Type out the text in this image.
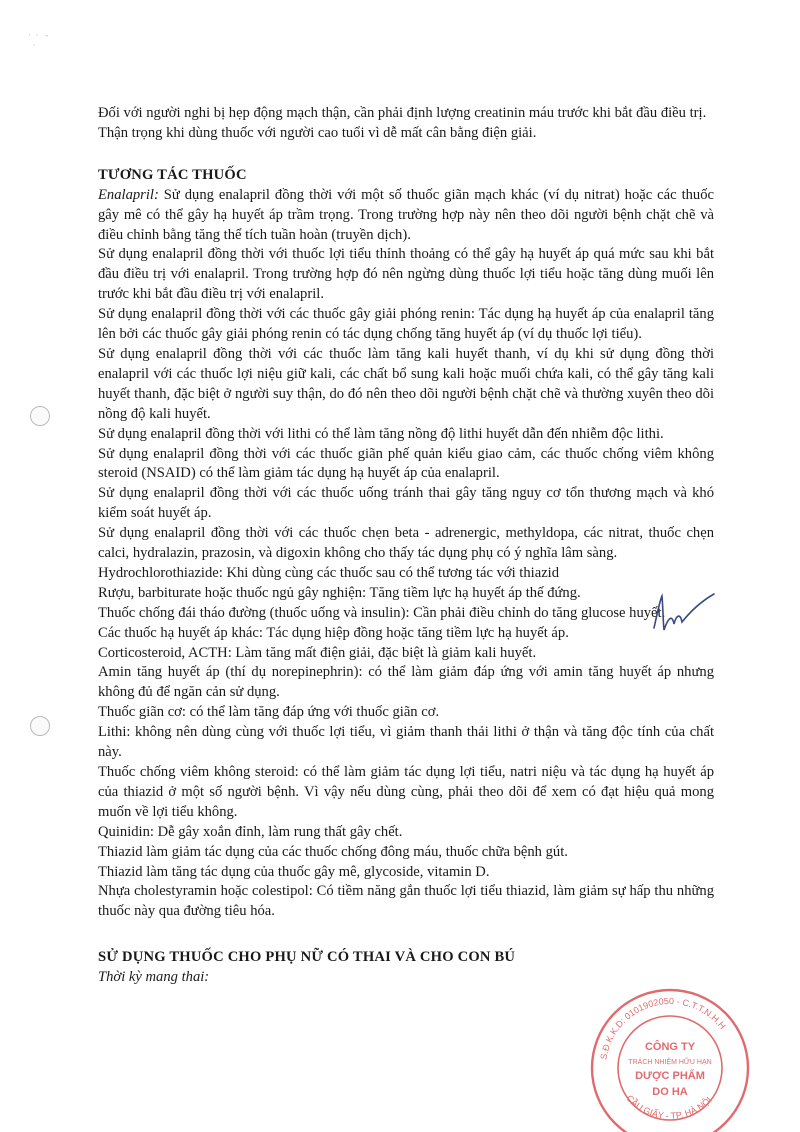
·  ·   -
·

Đối với người nghi bị hẹp động mạch thận, cần phải định lượng creatinin máu trước khi bắt đầu điều trị.

Thận trọng khi dùng thuốc với người cao tuổi vì dễ mất cân bằng điện giải.

TƯƠNG TÁC THUỐC

Enalapril: Sử dụng enalapril đồng thời với một số thuốc giãn mạch khác (ví dụ nitrat) hoặc các thuốc gây mê có thể gây hạ huyết áp trầm trọng. Trong trường hợp này nên theo dõi người bệnh chặt chẽ và điều chỉnh bằng tăng thể tích tuần hoàn (truyền dịch).

Sử dụng enalapril đồng thời với thuốc lợi tiểu thỉnh thoảng có thể gây hạ huyết áp quá mức sau khi bắt đầu điều trị với enalapril. Trong trường hợp đó nên ngừng dùng thuốc lợi tiểu hoặc tăng dùng muối lên trước khi bắt đầu điều trị với enalapril.

Sử dụng enalapril đồng thời với các thuốc gây giải phóng renin: Tác dụng hạ huyết áp của enalapril tăng lên bởi các thuốc gây giải phóng renin có tác dụng chống tăng huyết áp (ví dụ thuốc lợi tiểu).

Sử dụng enalapril đồng thời với các thuốc làm tăng kali huyết thanh, ví dụ khi sử dụng đồng thời enalapril với các thuốc lợi niệu giữ kali, các chất bổ sung kali hoặc muối chứa kali, có thể gây tăng kali huyết thanh, đặc biệt ở người suy thận, do đó nên theo dõi người bệnh chặt chẽ và thường xuyên theo dõi nồng độ kali huyết.

Sử dụng enalapril đồng thời với lithi có thể làm tăng nồng độ lithi huyết dẫn đến nhiễm độc lithi.

Sử dụng enalapril đồng thời với các thuốc giãn phế quản kiểu giao cảm, các thuốc chống viêm không steroid (NSAID) có thể làm giảm tác dụng hạ huyết áp của enalapril.

Sử dụng enalapril đồng thời với các thuốc uống tránh thai gây tăng nguy cơ tổn thương mạch và khó kiểm soát huyết áp.

Sử dụng enalapril đồng thời với các thuốc chẹn beta - adrenergic, methyldopa, các nitrat, thuốc chẹn calci, hydralazin, prazosin, và digoxin không cho thấy tác dụng phụ có ý nghĩa lâm sàng.

Hydrochlorothiazide: Khi dùng cùng các thuốc sau có thể tương tác với thiazid

Rượu, barbiturate hoặc thuốc ngủ gây nghiện: Tăng tiềm lực hạ huyết áp thế đứng.

Thuốc chống đái tháo đường (thuốc uống và insulin): Cần phải điều chỉnh do tăng glucose huyết.

Các thuốc hạ huyết áp khác: Tác dụng hiệp đồng hoặc tăng tiềm lực hạ huyết áp.

Corticosteroid, ACTH: Làm tăng mất điện giải, đặc biệt là giảm kali huyết.

Amin tăng huyết áp (thí dụ norepinephrin): có thể làm giảm đáp ứng với amin tăng huyết áp nhưng không đủ để ngăn cản sử dụng.

Thuốc giãn cơ: có thể làm tăng đáp ứng với thuốc giãn cơ.

Lithi: không nên dùng cùng với thuốc lợi tiểu, vì giảm thanh thải lithi ở thận và tăng độc tính của chất này.

Thuốc chống viêm không steroid: có thể làm giảm tác dụng lợi tiểu, natri niệu và tác dụng hạ huyết áp của thiazid ở một số người bệnh. Vì vậy nếu dùng cùng, phải theo dõi để xem có đạt hiệu quả mong muốn về lợi tiểu không.

Quinidin: Dễ gây xoắn đỉnh, làm rung thất gây chết.

Thiazid làm giảm tác dụng của các thuốc chống đông máu, thuốc chữa bệnh gút.

Thiazid làm tăng tác dụng của thuốc gây mê, glycoside, vitamin D.

Nhựa cholestyramin hoặc colestipol: Có tiềm năng gắn thuốc lợi tiểu thiazid, làm giảm sự hấp thu những thuốc này qua đường tiêu hóa.

SỬ DỤNG THUỐC CHO PHỤ NỮ CÓ THAI VÀ CHO CON BÚ

Thời kỳ mang thai:

S.Đ.K.K.D: 0101902050 - C.T.T.N.H.H
CẦU GIẤY - TP. HÀ NỘI
CÔNG TY
TRÁCH NHIỆM HỮU HẠN
DƯỢC PHẨM
DO HA
